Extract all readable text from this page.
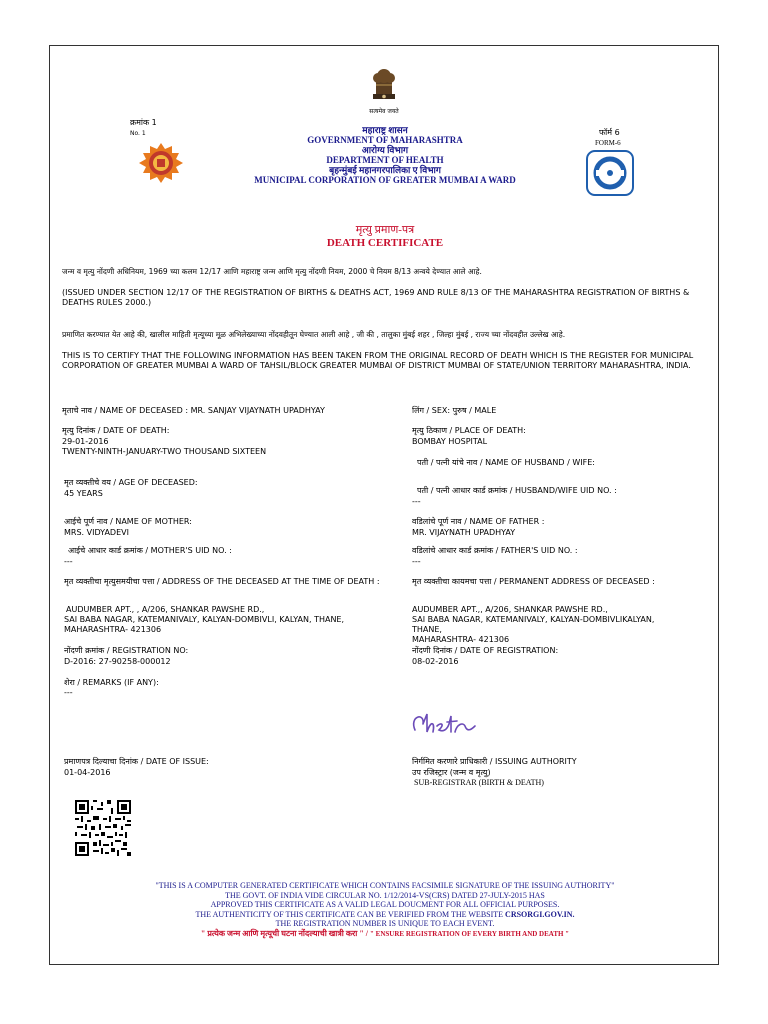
सत्यमेव जयते
क्रमांक 1
No. 1	महाराष्ट्र शासन
GOVERNMENT OF MAHARASHTRA
आरोग्य विभाग
DEPARTMENT OF HEALTH
बृहन्मुंबई महानगरपालिका ए विभाग
MUNICIPAL CORPORATION OF GREATER MUMBAI A WARD
फॉर्म 6
FORM-6
मृत्यु प्रमाण-पत्र
DEATH CERTIFICATE
जन्म व मृत्यु नोंदणी अधिनियम, 1969 च्या कलम 12/17 आणि महाराष्ट्र जन्म आणि मृत्यु नोंदणी नियम, 2000 चे नियम 8/13 अन्वये देण्यात आले आहे.
(ISSUED UNDER SECTION 12/17 OF THE REGISTRATION OF BIRTHS & DEATHS ACT, 1969 AND RULE 8/13 OF THE MAHARASHTRA REGISTRATION OF BIRTHS & DEATHS RULES 2000.)
प्रमाणित करण्यात येत आहे की, खालील माहिती मृत्यूच्या मूळ अभिलेख्याच्या नोंदवहीतून घेण्यात आली आहे , जी की , तालुका मुंबई शहर , जिल्हा मुंबई , राज्य च्या नोंदवहीत उल्लेख आहे.
THIS IS TO CERTIFY THAT THE FOLLOWING INFORMATION HAS BEEN TAKEN FROM THE ORIGINAL RECORD OF DEATH WHICH IS THE REGISTER FOR MUNICIPAL CORPORATION OF GREATER MUMBAI A WARD OF TAHSIL/BLOCK GREATER MUMBAI OF DISTRICT MUMBAI OF STATE/UNION TERRITORY MAHARASHTRA, INDIA.
मृताचे नाव / NAME OF DECEASED : MR. SANJAY VIJAYNATH UPADHYAY	लिंग / SEX: पुरुष / MALE
मृत्यु दिनांक / DATE OF DEATH:
29-01-2016
TWENTY-NINTH-JANUARY-TWO THOUSAND SIXTEEN
मृत्यु ठिकाण / PLACE OF DEATH:
BOMBAY HOSPITAL
पती / पत्नी यांचे नाव / NAME OF HUSBAND / WIFE:
मृत व्यक्तीचे वय / AGE OF DECEASED:
45 YEARS	पती / पत्नी आधार कार्ड क्रमांक / HUSBAND/WIFE UID NO. :
---
आईचे पूर्ण नाव / NAME OF MOTHER:
MRS. VIDYADEVI
वडिलांचे पूर्ण नाव / NAME OF FATHER :
MR. VIJAYNATH UPADHYAY
आईचे आधार कार्ड क्रमांक / MOTHER'S UID NO. :
---
वडिलांचे आधार कार्ड क्रमांक / FATHER'S UID NO. :
---
मृत व्यक्तीचा मृत्युसमयीचा पत्ता / ADDRESS OF THE DECEASED AT THE TIME OF DEATH :	मृत व्यक्तीचा कायमचा पत्ता / PERMANENT ADDRESS OF DECEASED :
AUDUMBER APT., , A/206, SHANKAR PAWSHE RD.,
SAI BABA NAGAR, KATEMANIVALY, KALYAN-DOMBIVLI, KALYAN, THANE,
MAHARASHTRA- 421306
AUDUMBER APT.,, A/206, SHANKAR PAWSHE RD.,
SAI BABA NAGAR, KATEMANIVALY, KALYAN-DOMBIVLIKALYAN,
THANE,
MAHARASHTRA- 421306
नोंदणी क्रमांक / REGISTRATION NO:
D-2016: 27-90258-000012
नोंदणी दिनांक / DATE OF REGISTRATION:
08-02-2016
शेरा / REMARKS (IF ANY):
---
प्रमाणपत्र दिल्याचा दिनांक / DATE OF ISSUE:
01-04-2016
निर्गमित करणारे प्राधिकारी / ISSUING AUTHORITY
उप रजिस्ट्रार (जन्म व मृत्यु)
SUB-REGISTRAR (BIRTH & DEATH)
"THIS IS A COMPUTER GENERATED CERTIFICATE WHICH CONTAINS FACSIMILE SIGNATURE OF THE ISSUING AUTHORITY"
THE GOVT. OF INDIA VIDE CIRCULAR NO. 1/12/2014-VS(CRS) DATED 27-JULY-2015 HAS
APPROVED THIS CERTIFICATE AS A VALID LEGAL DOUCMENT FOR ALL OFFICIAL PURPOSES.
THE AUTHENTICITY OF THIS CERTIFICATE CAN BE VERIFIED FROM THE WEBSITE CRSORGI.GOV.IN.
THE REGISTRATION NUMBER IS UNIQUE TO EACH EVENT.
" प्रत्येक जन्म आणि मृत्यूची घटना नोंदल्याची खात्री करा " / " ENSURE REGISTRATION OF EVERY BIRTH AND DEATH "
